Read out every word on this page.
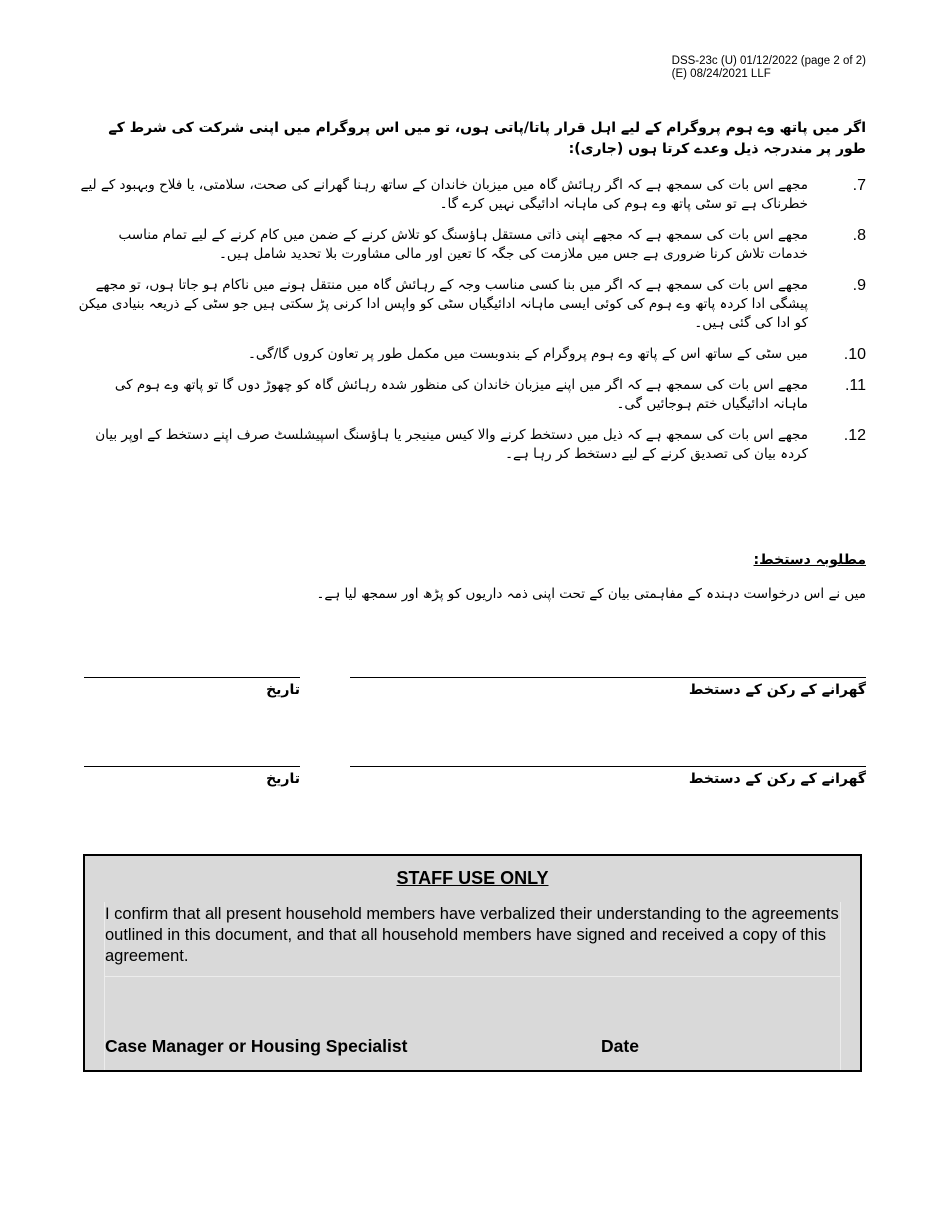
DSS-23c (U) 01/12/2022 (page 2 of 2)
(E) 08/24/2021 LLF
اگر میں پاتھ وے ہوم پروگرام کے لیے اہل قرار پاتا/پاتی ہوں، تو میں اس پروگرام میں اپنی شرکت کی شرط کے طور پر مندرجہ ذیل وعدے کرتا ہوں (جاری):
.7
مجھے اس بات کی سمجھ ہے کہ اگر رہائش گاہ میں میزبان خاندان کے ساتھ رہنا گھرانے کی صحت، سلامتی، یا فلاح وبہبود کے لیے خطرناک ہے تو سٹی پاتھ وے ہوم کی ماہانہ ادائیگی نہیں کرے گا۔
.8
مجھے اس بات کی سمجھ ہے کہ مجھے اپنی ذاتی مستقل ہاؤسنگ کو تلاش کرنے کے ضمن میں کام کرنے کے لیے تمام مناسب خدمات تلاش کرنا ضروری ہے جس میں ملازمت کی جگہ کا تعین اور مالی مشاورت بلا تحدید شامل ہیں۔
.9
مجھے اس بات کی سمجھ ہے کہ اگر میں بنا کسی مناسب وجہ کے رہائش گاہ میں منتقل ہونے میں ناکام ہو جاتا ہوں، تو مجھے پیشگی ادا کردہ پاتھ وے ہوم کی کوئی ایسی ماہانہ ادائیگیاں سٹی کو واپس ادا کرنی پڑ سکتی ہیں جو سٹی کے ذریعہ بنیادی میکن کو ادا کی گئی ہیں۔
.10
میں سٹی کے ساتھ اس کے پاتھ وے ہوم پروگرام کے بندوبست میں مکمل طور پر تعاون کروں گا/گی۔
.11
مجھے اس بات کی سمجھ ہے کہ اگر میں اپنے میزبان خاندان کی منظور شدہ رہائش گاہ کو چھوڑ دوں گا تو پاتھ وے ہوم کی ماہانہ ادائیگیاں ختم ہوجائیں گی۔
.12
مجھے اس بات کی سمجھ ہے کہ ذیل میں دستخط کرنے والا کیس مینیجر یا ہاؤسنگ اسپیشلسٹ صرف اپنے دستخط کے اوپر بیان کردہ بیان کی تصدیق کرنے کے لیے دستخط کر رہا ہے۔
مطلوبہ دستخط:
میں نے اس درخواست دہندہ کے مفاہمتی بیان کے تحت اپنی ذمہ داریوں کو پڑھ اور سمجھ لیا ہے۔
گھرانے کے رکن کے دستخط
تاریخ
گھرانے کے رکن کے دستخط
تاریخ
STAFF USE ONLY
I confirm that all present household members have verbalized their understanding to the agreements outlined in this document, and that all household members have signed and received a copy of this agreement.
Case Manager or Housing Specialist	Date
